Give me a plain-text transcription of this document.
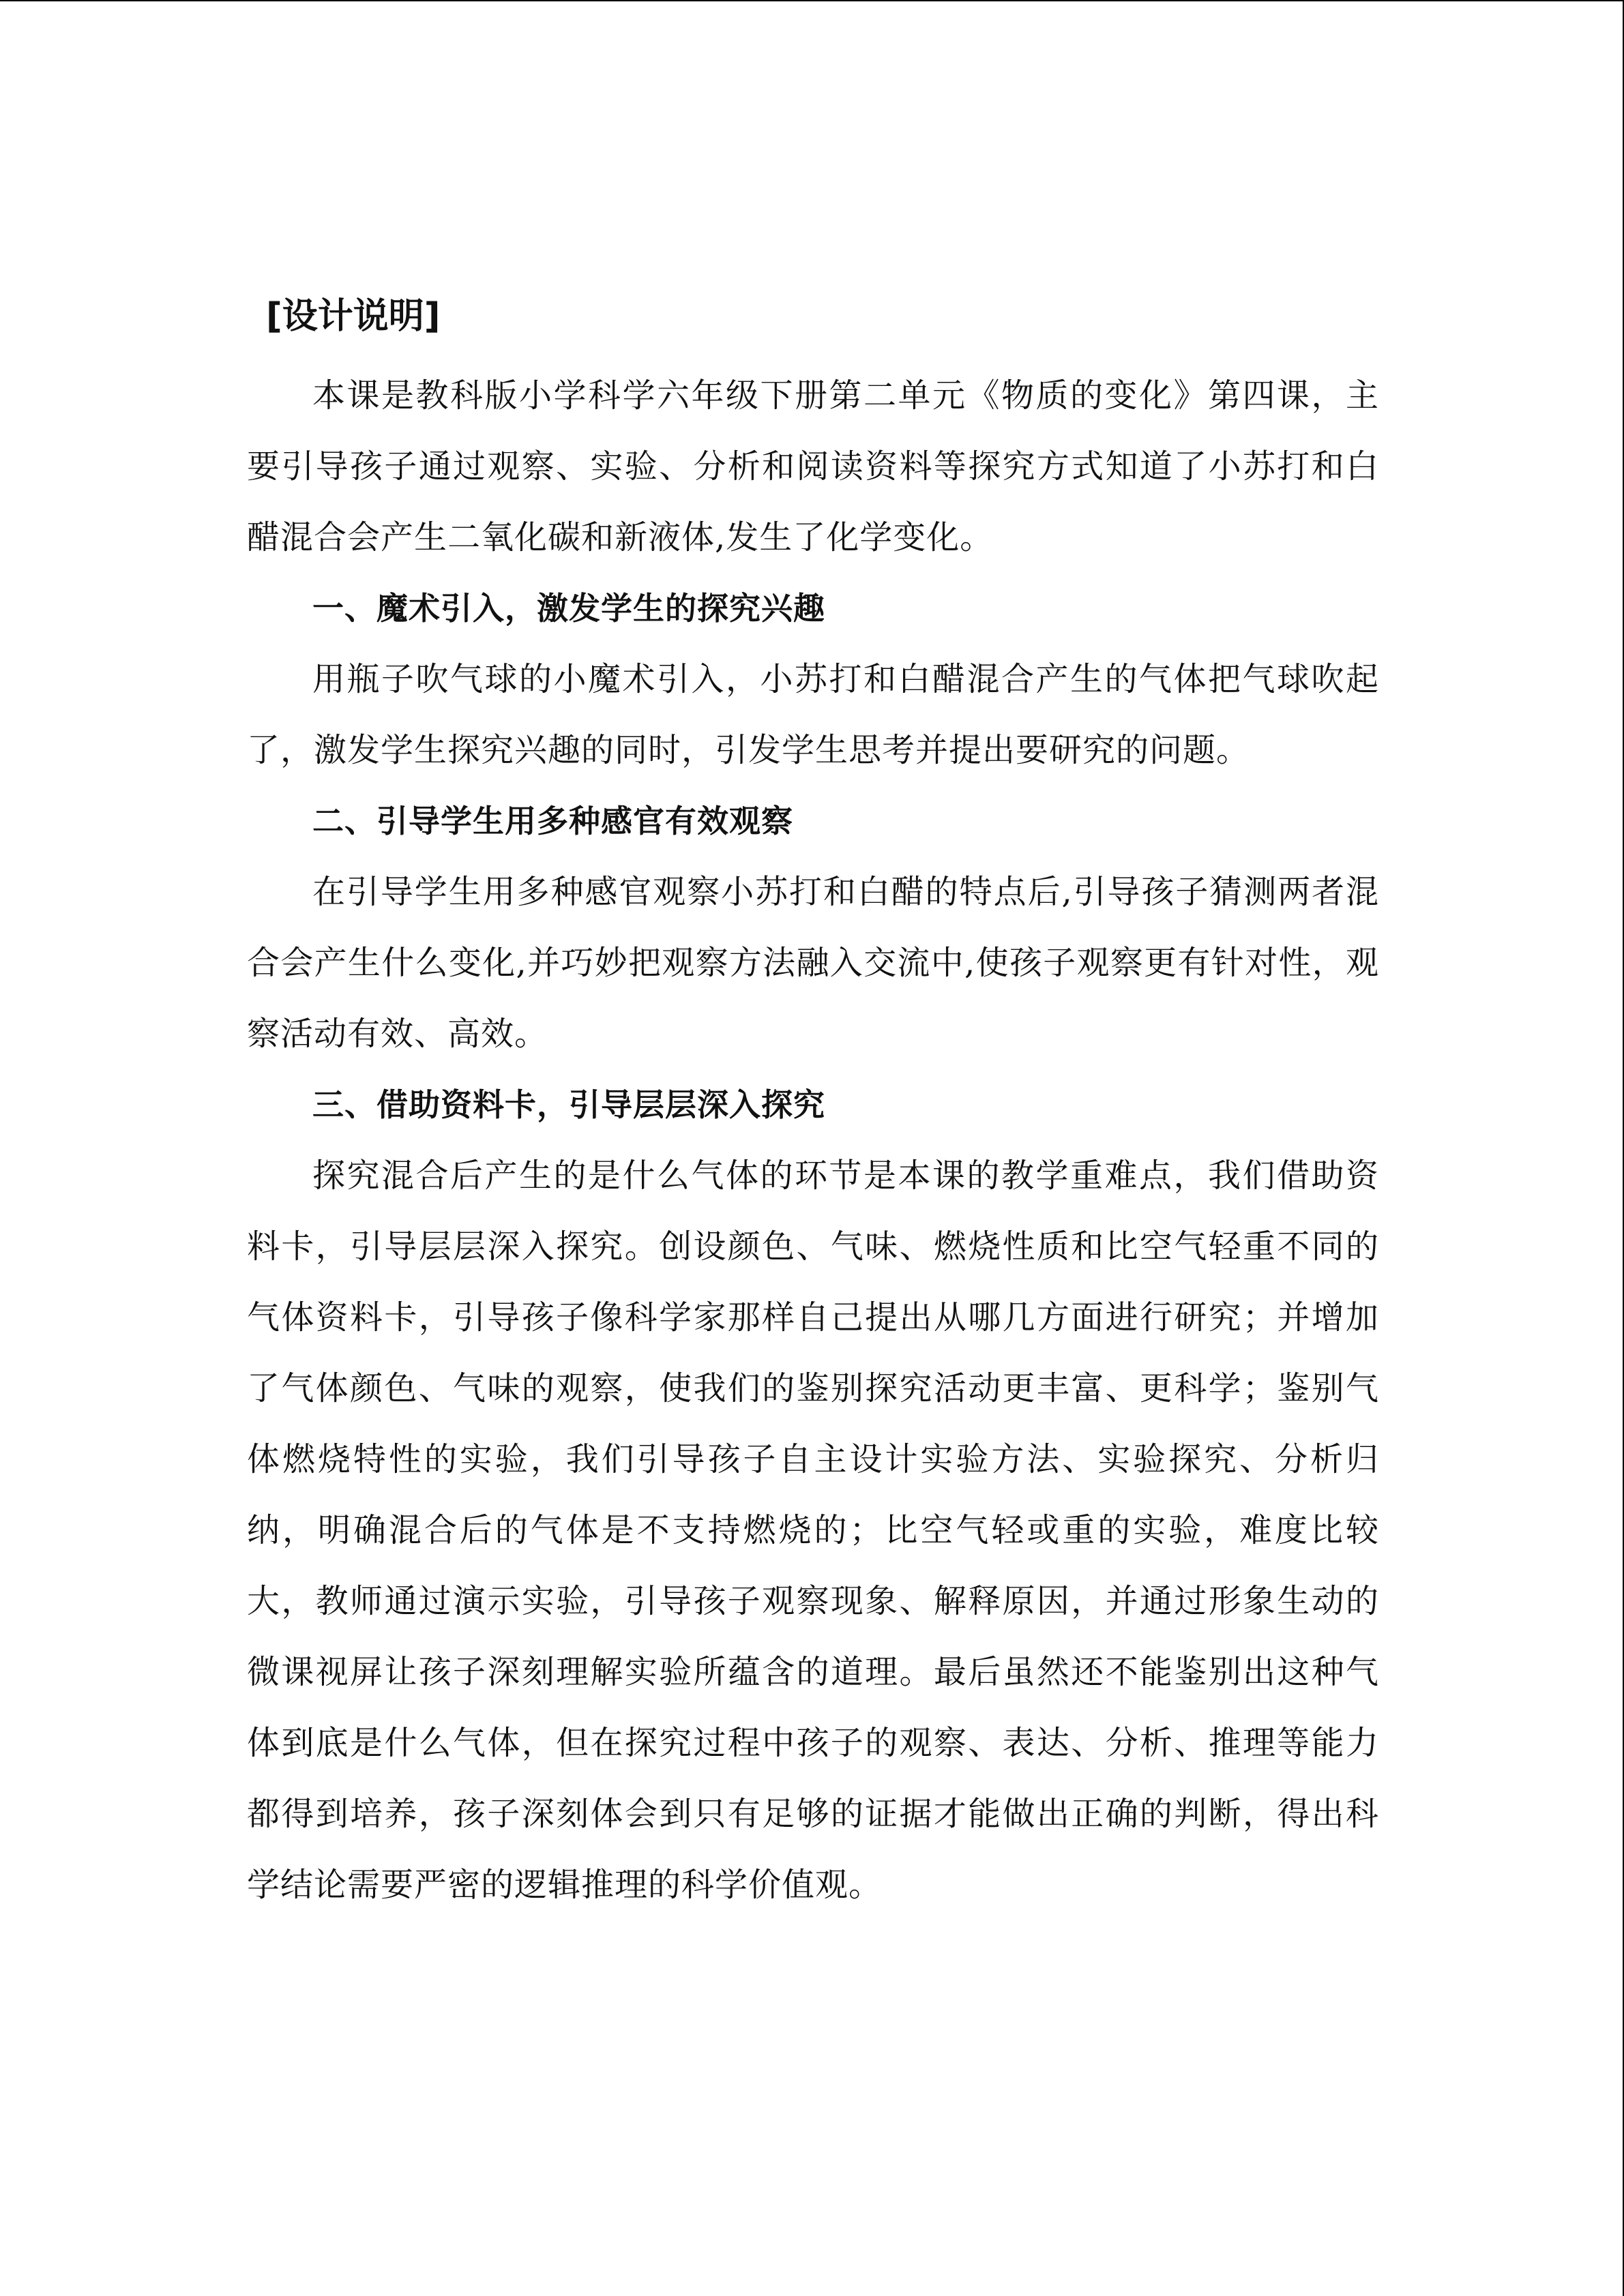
[设计说明]

本课是教科版小学科学六年级下册第二单元《物质的变化》第四课，主要引导孩子通过观察、实验、分析和阅读资料等探究方式知道了小苏打和白醋混合会产生二氧化碳和新液体,发生了化学变化。

一、魔术引入，激发学生的探究兴趣

用瓶子吹气球的小魔术引入，小苏打和白醋混合产生的气体把气球吹起了，激发学生探究兴趣的同时，引发学生思考并提出要研究的问题。

二、引导学生用多种感官有效观察

在引导学生用多种感官观察小苏打和白醋的特点后,引导孩子猜测两者混合会产生什么变化,并巧妙把观察方法融入交流中,使孩子观察更有针对性，观察活动有效、高效。

三、借助资料卡，引导层层深入探究

探究混合后产生的是什么气体的环节是本课的教学重难点，我们借助资料卡，引导层层深入探究。创设颜色、气味、燃烧性质和比空气轻重不同的气体资料卡，引导孩子像科学家那样自己提出从哪几方面进行研究；并增加了气体颜色、气味的观察，使我们的鉴别探究活动更丰富、更科学；鉴别气体燃烧特性的实验，我们引导孩子自主设计实验方法、实验探究、分析归纳，明确混合后的气体是不支持燃烧的；比空气轻或重的实验，难度比较大，教师通过演示实验，引导孩子观察现象、解释原因，并通过形象生动的微课视屏让孩子深刻理解实验所蕴含的道理。最后虽然还不能鉴别出这种气体到底是什么气体，但在探究过程中孩子的观察、表达、分析、推理等能力都得到培养，孩子深刻体会到只有足够的证据才能做出正确的判断，得出科学结论需要严密的逻辑推理的科学价值观。
